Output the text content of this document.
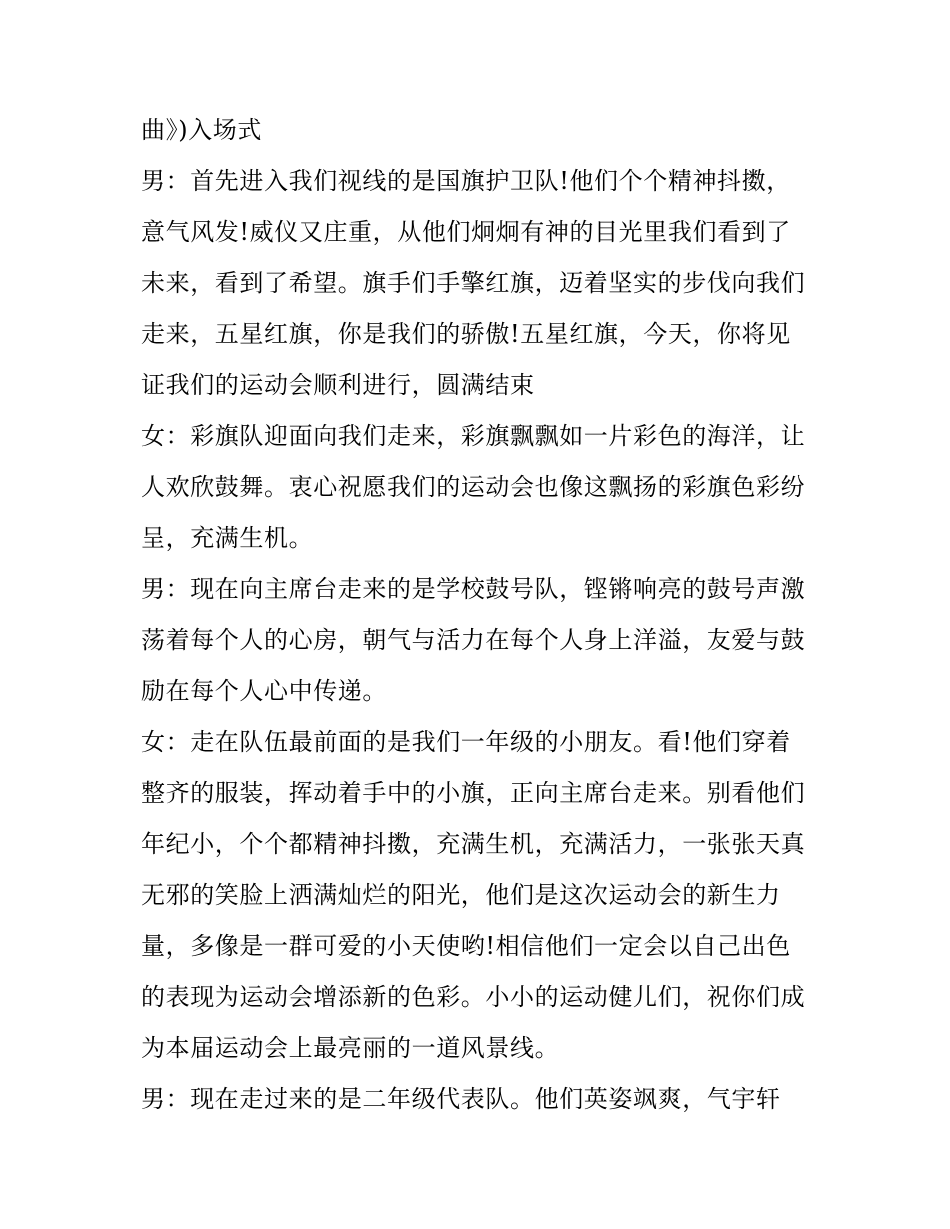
曲》)入场式
男：首先进入我们视线的是国旗护卫队!他们个个精神抖擞，
意气风发!威仪又庄重，从他们炯炯有神的目光里我们看到了
未来，看到了希望。旗手们手擎红旗，迈着坚实的步伐向我们
走来，五星红旗，你是我们的骄傲!五星红旗，今天，你将见
证我们的运动会顺利进行，圆满结束
女：彩旗队迎面向我们走来，彩旗飘飘如一片彩色的海洋，让
人欢欣鼓舞。衷心祝愿我们的运动会也像这飘扬的彩旗色彩纷
呈，充满生机。
男：现在向主席台走来的是学校鼓号队，铿锵响亮的鼓号声激
荡着每个人的心房，朝气与活力在每个人身上洋溢，友爱与鼓
励在每个人心中传递。
女：走在队伍最前面的是我们一年级的小朋友。看!他们穿着
整齐的服装，挥动着手中的小旗，正向主席台走来。别看他们
年纪小，个个都精神抖擞，充满生机，充满活力，一张张天真
无邪的笑脸上洒满灿烂的阳光，他们是这次运动会的新生力
量，多像是一群可爱的小天使哟!相信他们一定会以自己出色
的表现为运动会增添新的色彩。小小的运动健儿们，祝你们成
为本届运动会上最亮丽的一道风景线。
男：现在走过来的是二年级代表队。他们英姿飒爽，气宇轩
